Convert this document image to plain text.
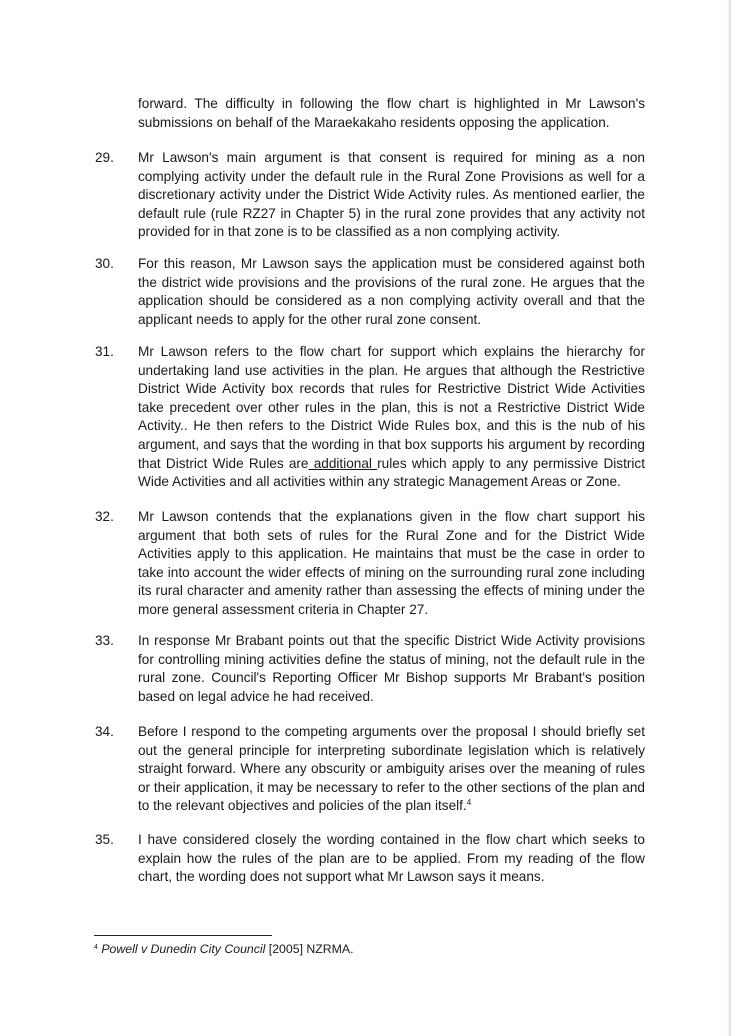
forward. The difficulty in following the flow chart is highlighted in Mr Lawson's submissions on behalf of the Maraekakaho residents opposing the application.
29. Mr Lawson's main argument is that consent is required for mining as a non complying activity under the default rule in the Rural Zone Provisions as well for a discretionary activity under the District Wide Activity rules. As mentioned earlier, the default rule (rule RZ27 in Chapter 5) in the rural zone provides that any activity not provided for in that zone is to be classified as a non complying activity.
30. For this reason, Mr Lawson says the application must be considered against both the district wide provisions and the provisions of the rural zone. He argues that the application should be considered as a non complying activity overall and that the applicant needs to apply for the other rural zone consent.
31. Mr Lawson refers to the flow chart for support which explains the hierarchy for undertaking land use activities in the plan. He argues that although the Restrictive District Wide Activity box records that rules for Restrictive District Wide Activities take precedent over other rules in the plan, this is not a Restrictive District Wide Activity.. He then refers to the District Wide Rules box, and this is the nub of his argument, and says that the wording in that box supports his argument by recording that District Wide Rules are additional rules which apply to any permissive District Wide Activities and all activities within any strategic Management Areas or Zone.
32. Mr Lawson contends that the explanations given in the flow chart support his argument that both sets of rules for the Rural Zone and for the District Wide Activities apply to this application. He maintains that must be the case in order to take into account the wider effects of mining on the surrounding rural zone including its rural character and amenity rather than assessing the effects of mining under the more general assessment criteria in Chapter 27.
33. In response Mr Brabant points out that the specific District Wide Activity provisions for controlling mining activities define the status of mining, not the default rule in the rural zone. Council's Reporting Officer Mr Bishop supports Mr Brabant's position based on legal advice he had received.
34. Before I respond to the competing arguments over the proposal I should briefly set out the general principle for interpreting subordinate legislation which is relatively straight forward. Where any obscurity or ambiguity arises over the meaning of rules or their application, it may be necessary to refer to the other sections of the plan and to the relevant objectives and policies of the plan itself.$^4$
35. I have considered closely the wording contained in the flow chart which seeks to explain how the rules of the plan are to be applied. From my reading of the flow chart, the wording does not support what Mr Lawson says it means.
$^4$ Powell v Dunedin City Council [2005] NZRMA.
